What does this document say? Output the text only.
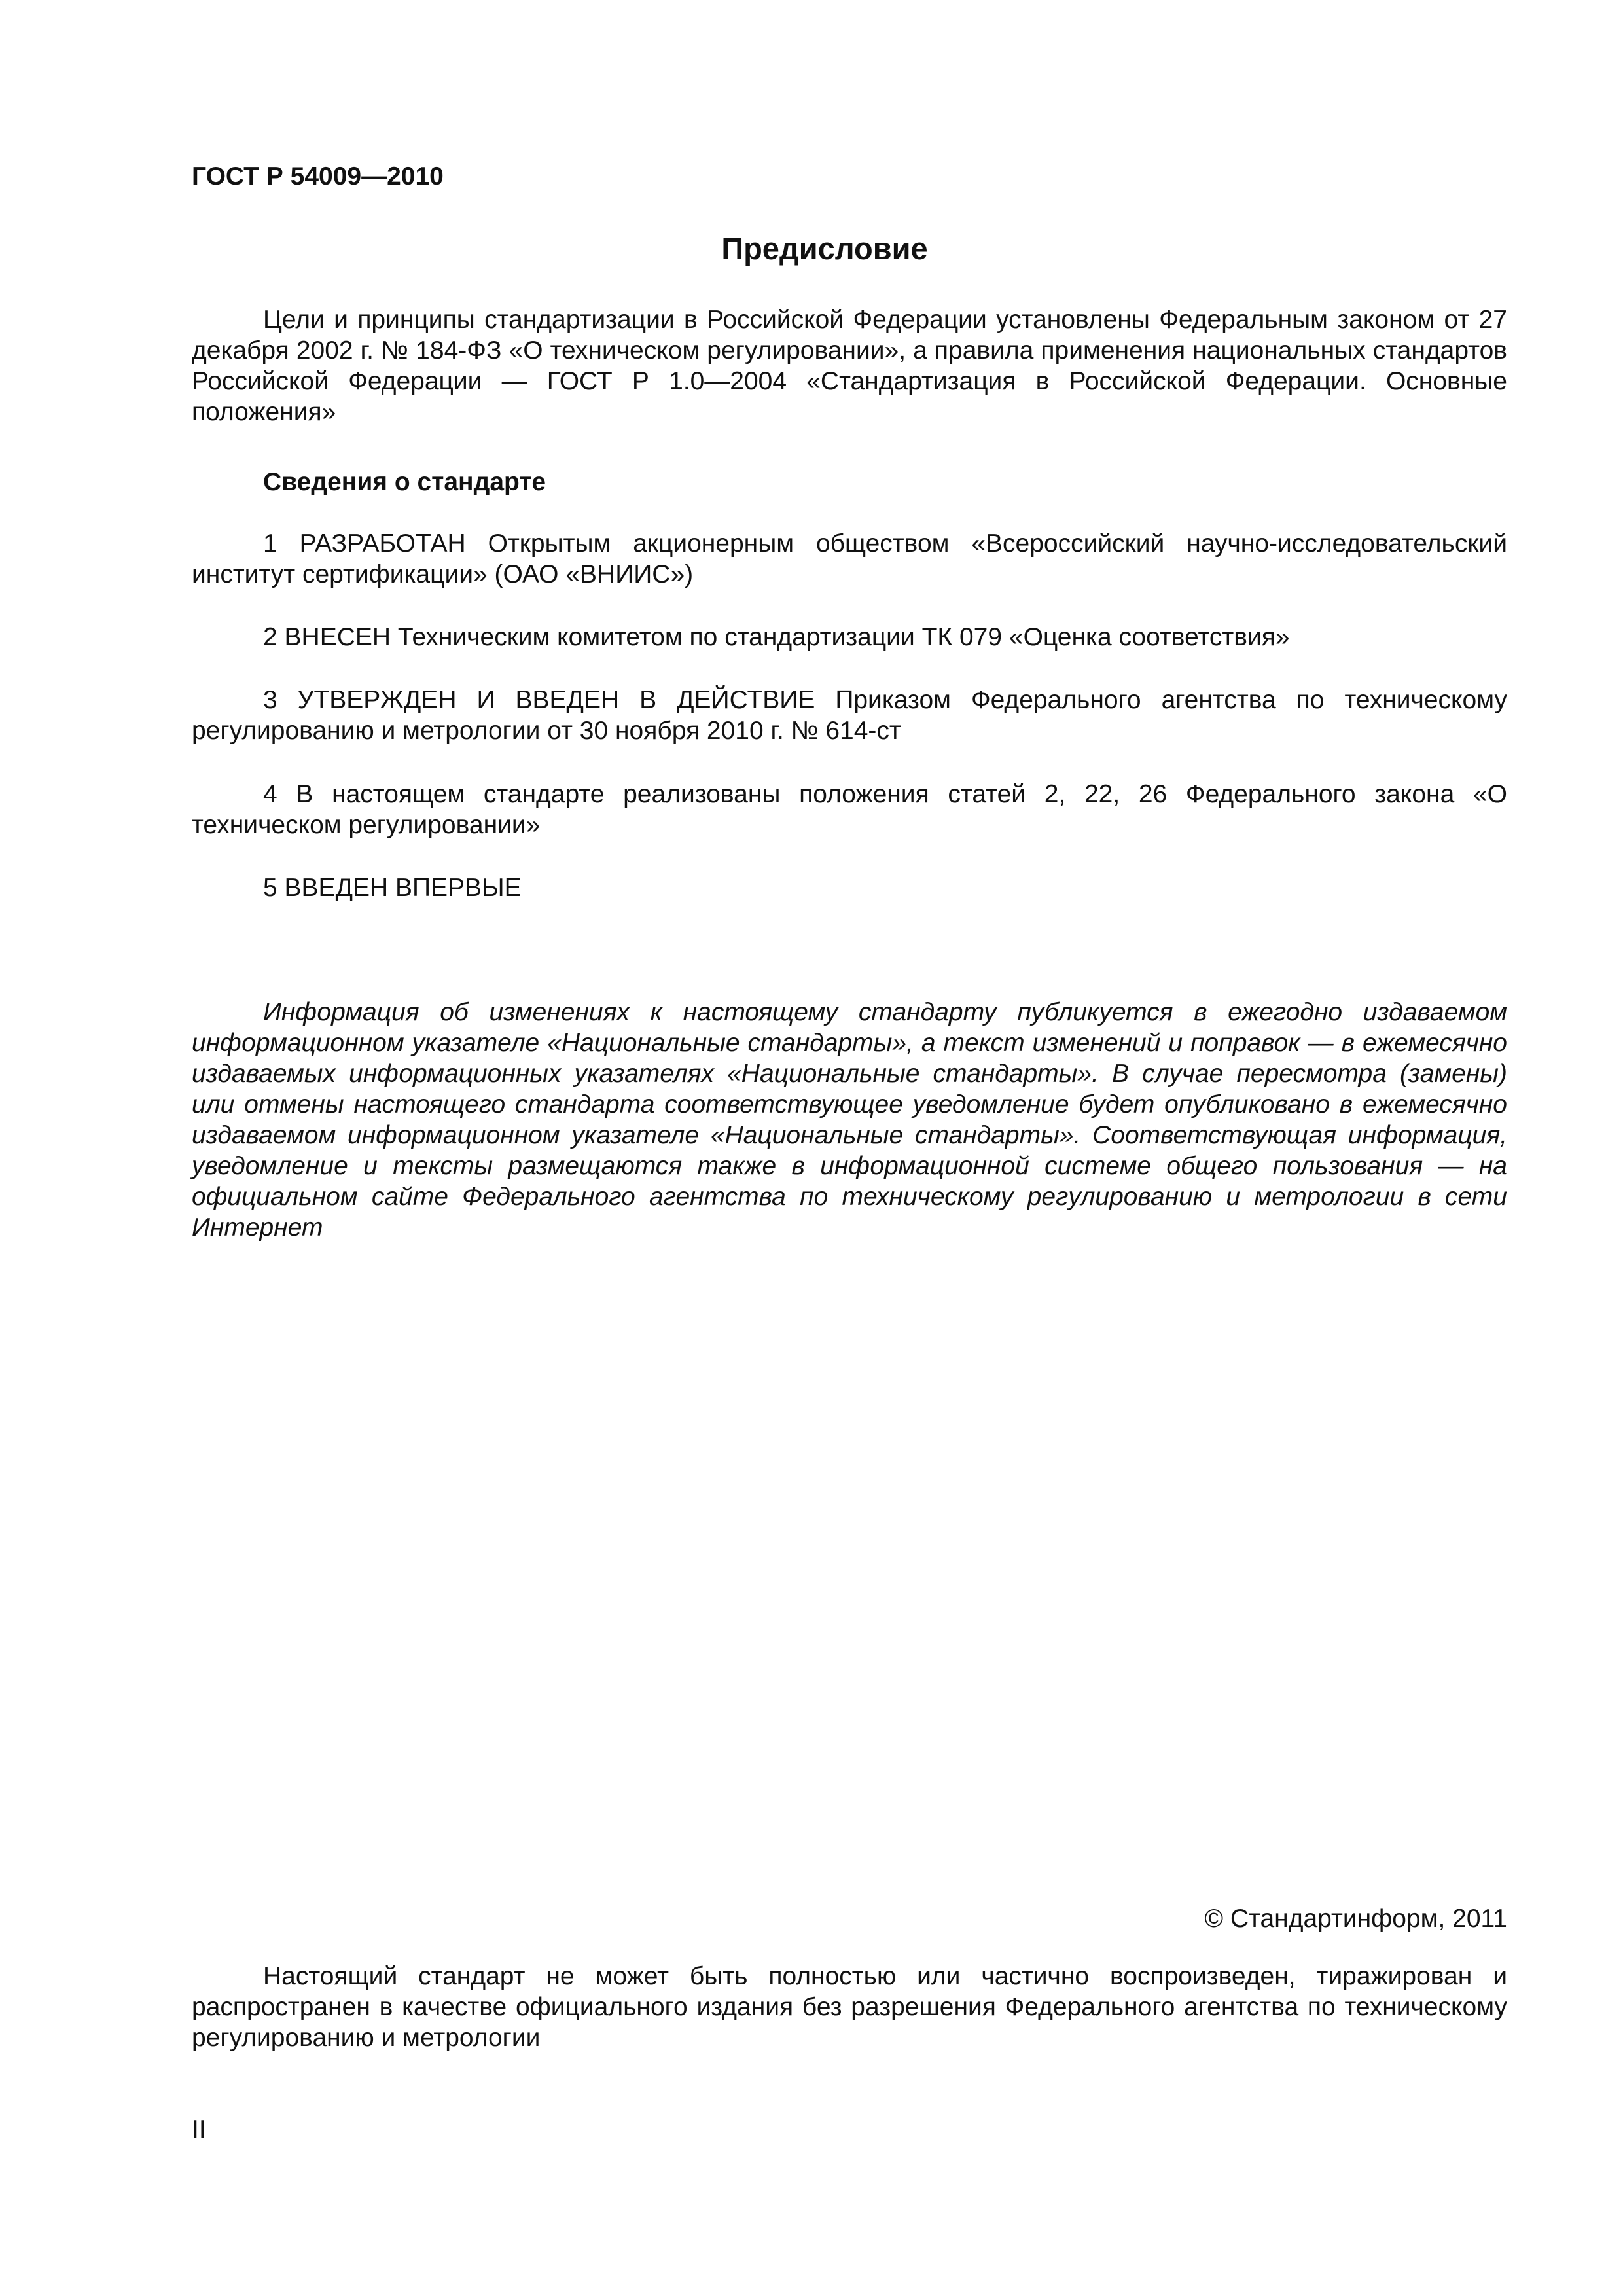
ГОСТ Р 54009—2010
Предисловие

Цели и принципы стандартизации в Российской Федерации установлены Федеральным законом от 27 декабря 2002 г. № 184-ФЗ «О техническом регулировании», а правила применения национальных стандартов Российской Федерации — ГОСТ Р 1.0—2004 «Стандартизация в Российской Федерации. Основные положения»

Сведения о стандарте

1 РАЗРАБОТАН Открытым акционерным обществом «Всероссийский научно-исследовательский институт сертификации» (ОАО «ВНИИС»)

2 ВНЕСЕН Техническим комитетом по стандартизации ТК 079 «Оценка соответствия»

3 УТВЕРЖДЕН И ВВЕДЕН В ДЕЙСТВИЕ Приказом Федерального агентства по техническому регулированию и метрологии от 30 ноября 2010 г. № 614-ст

4 В настоящем стандарте реализованы положения статей 2, 22, 26 Федерального закона «О техническом регулировании»

5 ВВЕДЕН ВПЕРВЫЕ

Информация об изменениях к настоящему стандарту публикуется в ежегодно издаваемом информационном указателе «Национальные стандарты», а текст изменений и поправок — в ежемесячно издаваемых информационных указателях «Национальные стандарты». В случае пересмотра (замены) или отмены настоящего стандарта соответствующее уведомление будет опубликовано в ежемесячно издаваемом информационном указателе «Национальные стандарты». Соответствующая информация, уведомление и тексты размещаются также в информационной системе общего пользования — на официальном сайте Федерального агентства по техническому регулированию и метрологии в сети Интернет

© Стандартинформ, 2011

Настоящий стандарт не может быть полностью или частично воспроизведен, тиражирован и распространен в качестве официального издания без разрешения Федерального агентства по техническому регулированию и метрологии

II
